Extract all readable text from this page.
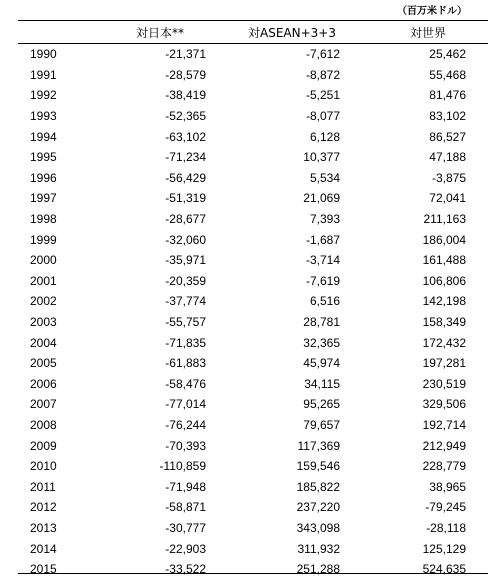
（百万米ドル）
	対日本**	対ASEAN+3+3	対世界
1990	-21,371	-7,612	25,462
1991	-28,579	-8,872	55,468
1992	-38,419	-5,251	81,476
1993	-52,365	-8,077	83,102
1994	-63,102	6,128	86,527
1995	-71,234	10,377	47,188
1996	-56,429	5,534	-3,875
1997	-51,319	21,069	72,041
1998	-28,677	7,393	211,163
1999	-32,060	-1,687	186,004
2000	-35,971	-3,714	161,488
2001	-20,359	-7,619	106,806
2002	-37,774	6,516	142,198
2003	-55,757	28,781	158,349
2004	-71,835	32,365	172,432
2005	-61,883	45,974	197,281
2006	-58,476	34,115	230,519
2007	-77,014	95,265	329,506
2008	-76,244	79,657	192,714
2009	-70,393	117,369	212,949
2010	-110,859	159,546	228,779
2011	-71,948	185,822	38,965
2012	-58,871	237,220	-79,245
2013	-30,777	343,098	-28,118
2014	-22,903	311,932	125,129
2015	-33,522	251,288	524,635
